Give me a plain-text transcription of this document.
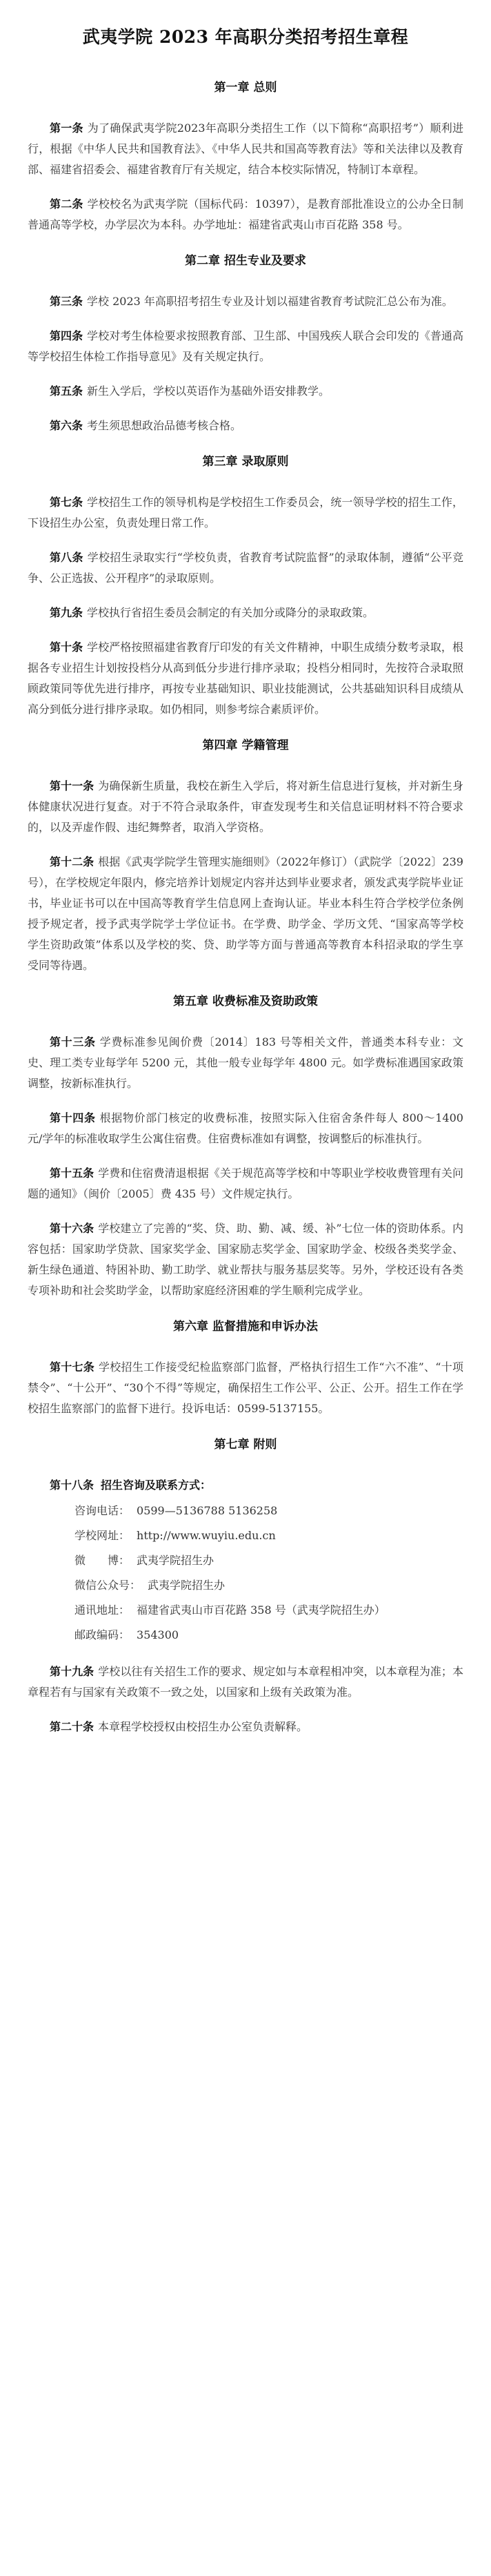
武夷学院 2023 年高职分类招考招生章程
第一章 总则

第一条 为了确保武夷学院2023年高职分类招生工作（以下简称“高职招考”）顺利进行，根据《中华人民共和国教育法》、《中华人民共和国高等教育法》等和关法律以及教育部、福建省招委会、福建省教育厅有关规定，结合本校实际情况，特制订本章程。

第二条 学校校名为武夷学院（国标代码：10397），是教育部批准设立的公办全日制普通高等学校，办学层次为本科。办学地址：福建省武夷山市百花路 358 号。

第二章 招生专业及要求

第三条 学校 2023 年高职招考招生专业及计划以福建省教育考试院汇总公布为准。

第四条 学校对考生体检要求按照教育部、卫生部、中国残疾人联合会印发的《普通高等学校招生体检工作指导意见》及有关规定执行。

第五条 新生入学后，学校以英语作为基础外语安排教学。

第六条 考生须思想政治品德考核合格。

第三章 录取原则

第七条 学校招生工作的领导机构是学校招生工作委员会，统一领导学校的招生工作，下设招生办公室，负责处理日常工作。

第八条 学校招生录取实行“学校负责，省教育考试院监督”的录取体制，遵循“公平竞争、公正选拔、公开程序”的录取原则。

第九条 学校执行省招生委员会制定的有关加分或降分的录取政策。

第十条 学校严格按照福建省教育厅印发的有关文件精神，中职生成绩分数考录取，根据各专业招生计划按投档分从高到低分步进行排序录取；投档分相同时，先按符合录取照顾政策同等优先进行排序，再按专业基础知识、职业技能测试，公共基础知识科目成绩从高分到低分进行排序录取。如仍相同，则参考综合素质评价。

第四章 学籍管理

第十一条 为确保新生质量，我校在新生入学后，将对新生信息进行复核，并对新生身体健康状况进行复查。对于不符合录取条件，审查发现考生和关信息证明材料不符合要求的，以及弄虚作假、违纪舞弊者，取消入学资格。

第十二条 根据《武夷学院学生管理实施细则》（2022年修订）（武院学〔2022〕239 号），在学校规定年限内，修完培养计划规定内容并达到毕业要求者，颁发武夷学院毕业证书，毕业证书可以在中国高等教育学生信息网上查询认证。毕业本科生符合学校学位条例授予规定者，授予武夷学院学士学位证书。在学费、助学金、学历文凭、“国家高等学校学生资助政策”体系以及学校的奖、贷、助学等方面与普通高等教育本科招录取的学生享受同等待遇。

第五章 收费标准及资助政策

第十三条 学费标准参见闽价费〔2014〕183 号等相关文件，普通类本科专业：文史、理工类专业每学年 5200 元，其他一般专业每学年 4800 元。如学费标准遇国家政策调整，按新标准执行。

第十四条 根据物价部门核定的收费标准，按照实际入住宿舍条件每人 800～1400 元/学年的标准收取学生公寓住宿费。住宿费标准如有调整，按调整后的标准执行。

第十五条 学费和住宿费清退根据《关于规范高等学校和中等职业学校收费管理有关问题的通知》（闽价〔2005〕费 435 号）文件规定执行。

第十六条 学校建立了完善的“奖、贷、助、勤、减、缓、补”七位一体的资助体系。内容包括：国家助学贷款、国家奖学金、国家励志奖学金、国家助学金、校级各类奖学金、新生绿色通道、特困补助、勤工助学、就业帮扶与服务基层奖等。另外，学校还设有各类专项补助和社会奖助学金，以帮助家庭经济困难的学生顺利完成学业。

第六章 监督措施和申诉办法

第十七条 学校招生工作接受纪检监察部门监督，严格执行招生工作“六不准”、“十项禁令”、“十公开”、“30个不得”等规定，确保招生工作公平、公正、公开。招生工作在学校招生监察部门的监督下进行。投诉电话：0599-5137155。

第七章 附则

第十八条 招生咨询及联系方式：

咨询电话： 0599—5136788 5136258

学校网址： http://www.wuyiu.edu.cn

微　　博： 武夷学院招生办

微信公众号： 武夷学院招生办

通讯地址： 福建省武夷山市百花路 358 号（武夷学院招生办）

邮政编码： 354300

第十九条 学校以往有关招生工作的要求、规定如与本章程相冲突，以本章程为准；本章程若有与国家有关政策不一致之处，以国家和上级有关政策为准。

第二十条 本章程学校授权由校招生办公室负责解释。
